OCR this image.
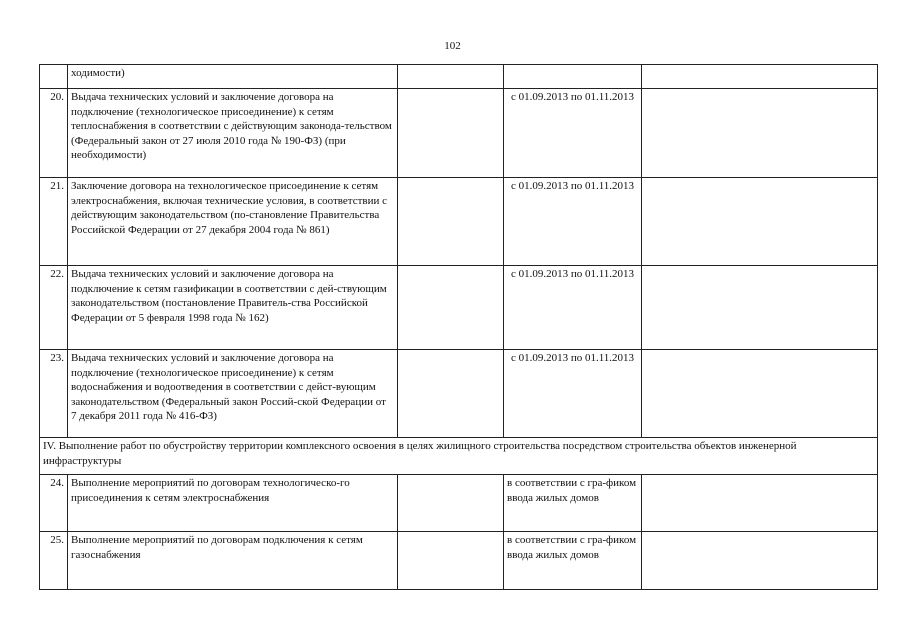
102
	ходимости)			
20.	Выдача технических условий и заключение договора на подключение (технологическое присоединение) к сетям теплоснабжения в соответствии с действующим законода-тельством (Федеральный закон от 27 июля 2010 года № 190-ФЗ) (при необходимости)		с 01.09.2013 по 01.11.2013	
21.	Заключение договора на технологическое присоединение к сетям электроснабжения, включая технические условия, в соответствии с действующим законодательством (по-становление Правительства Российской Федерации от 27 декабря 2004 года № 861)		с 01.09.2013 по 01.11.2013	
22.	Выдача технических условий и заключение договора на подключение к сетям газификации в соответствии с дей-ствующим законодательством (постановление Правитель-ства Российской Федерации от 5 февраля 1998 года № 162)		с 01.09.2013 по 01.11.2013	
23.	Выдача технических условий и заключение договора на подключение (технологическое присоединение) к сетям водоснабжения и водоотведения в соответствии с дейст-вующим законодательством (Федеральный закон Россий-ской Федерации от 7 декабря 2011 года № 416-ФЗ)		с 01.09.2013 по 01.11.2013	
IV. Выполнение работ по обустройству территории комплексного освоения в целях жилищного строительства посредством строительства объектов инженерной инфраструктуры				
24.	Выполнение мероприятий по договорам технологическо-го присоединения к сетям электроснабжения		в соответствии с гра-фиком ввода жилых домов	
25.	Выполнение мероприятий по договорам подключения к сетям газоснабжения		в соответствии с гра-фиком ввода жилых домов	
